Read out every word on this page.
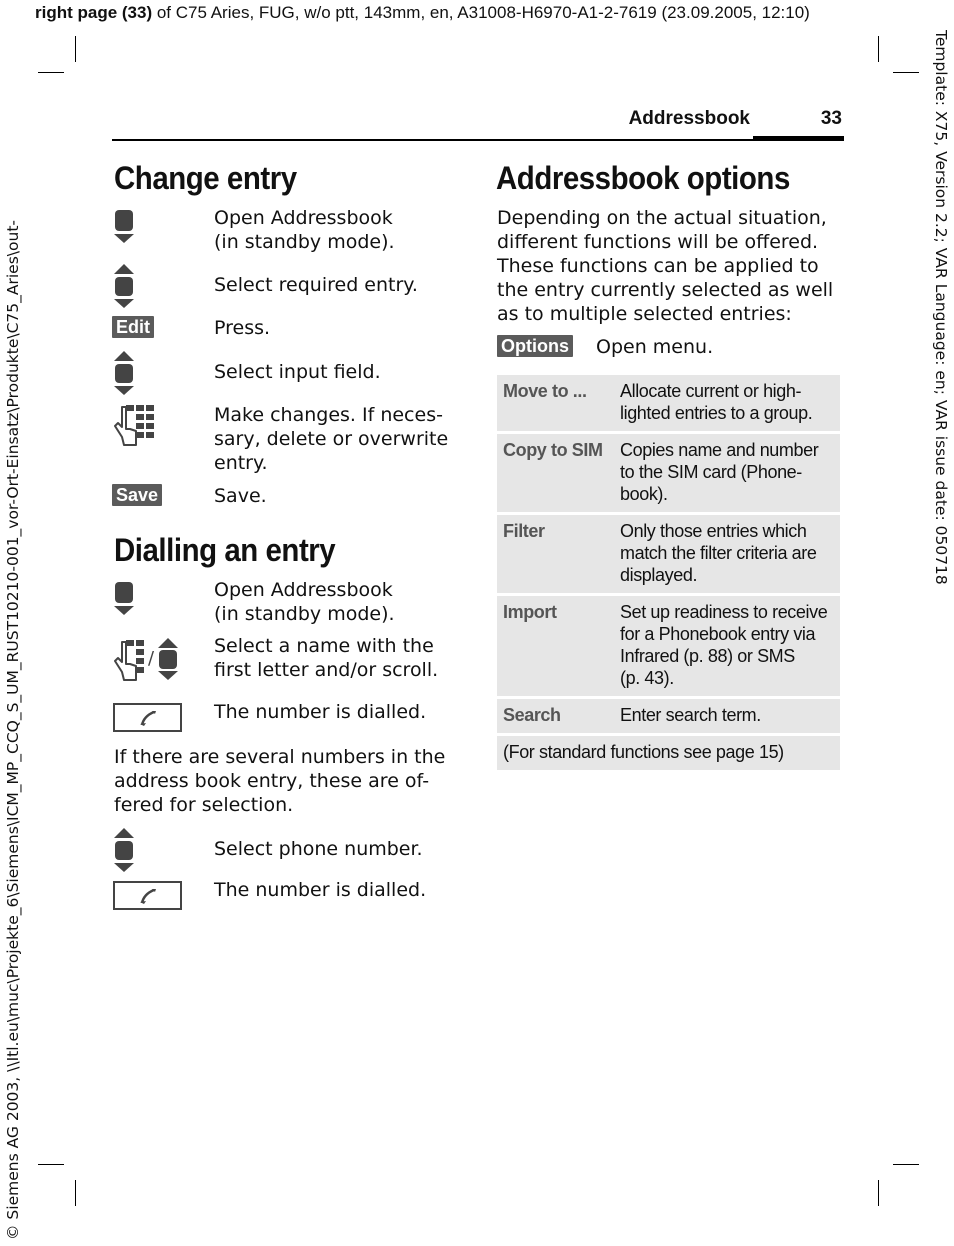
right page (33) of C75 Aries, FUG, w/o ptt, 143mm, en, A31008-H6970-A1-2-7619 (23.09.2005, 12:10)
© Siemens AG 2003, \\Itl.eu\muc\Projekte_6\Siemens\ICM_MP_CCQ_S_UM_RUST10210-001_vor-Ort-Einsatz\Produkte\C75_Aries\out-	Template: X75, Version 2.2; VAR Language: en; VAR issue date: 050718
Addressbook	33
Change entry
Open Addressbook
(in standby mode).
Select required entry.
Edit	Press.
Select input field.
Make changes. If neces-
sary, delete or overwrite
entry.
Save	Save.
Dialling an entry
Open Addressbook
(in standby mode).
/
Select a name with the
first letter and/or scroll.
The number is dialled.
If there are several numbers in the
address book entry, these are of-
fered for selection.
Select phone number.
The number is dialled.
Addressbook options
Depending on the actual situation,
different functions will be offered.
These functions can be applied to
the entry currently selected as well
as to multiple selected entries:
Options Open menu.
Move to ...	Allocate current or high-
lighted entries to a group.
Copy to SIM	Copies name and number
to the SIM card (Phone-
book).
Filter	Only those entries which
match the filter criteria are
displayed.
Import	Set up readiness to receive
for a Phonebook entry via
Infrared (p. 88) or SMS
(p. 43).
Search	Enter search term.
(For standard functions see page 15)	
